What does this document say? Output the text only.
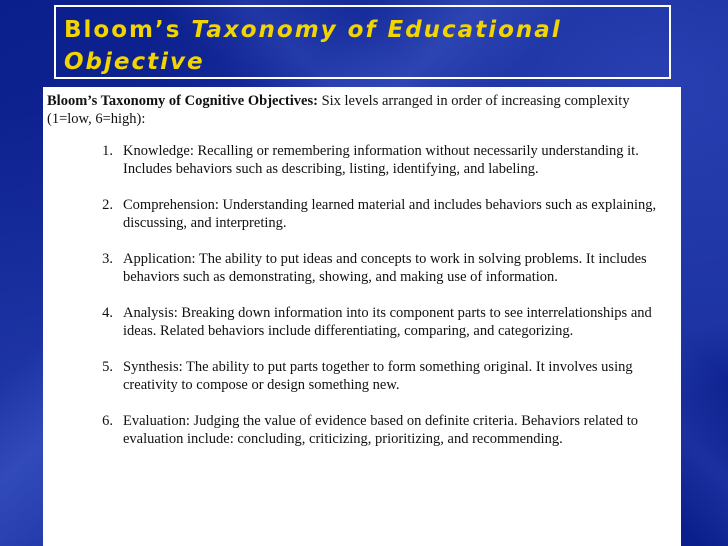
Bloom’s Taxonomy of Educational
Objective

Bloom’s Taxonomy of Cognitive Objectives: Six levels arranged in order of increasing complexity (1=low, 6=high):

1. Knowledge: Recalling or remembering information without necessarily understanding it. Includes behaviors such as describing, listing, identifying, and labeling.
2. Comprehension: Understanding learned material and includes behaviors such as explaining, discussing, and interpreting.
3. Application: The ability to put ideas and concepts to work in solving problems. It includes behaviors such as demonstrating, showing, and making use of information.
4. Analysis: Breaking down information into its component parts to see interrelationships and ideas. Related behaviors include differentiating, comparing, and categorizing.
5. Synthesis: The ability to put parts together to form something original. It involves using creativity to compose or design something new.
6. Evaluation: Judging the value of evidence based on definite criteria. Behaviors related to evaluation include: concluding, criticizing, prioritizing, and recommending.
